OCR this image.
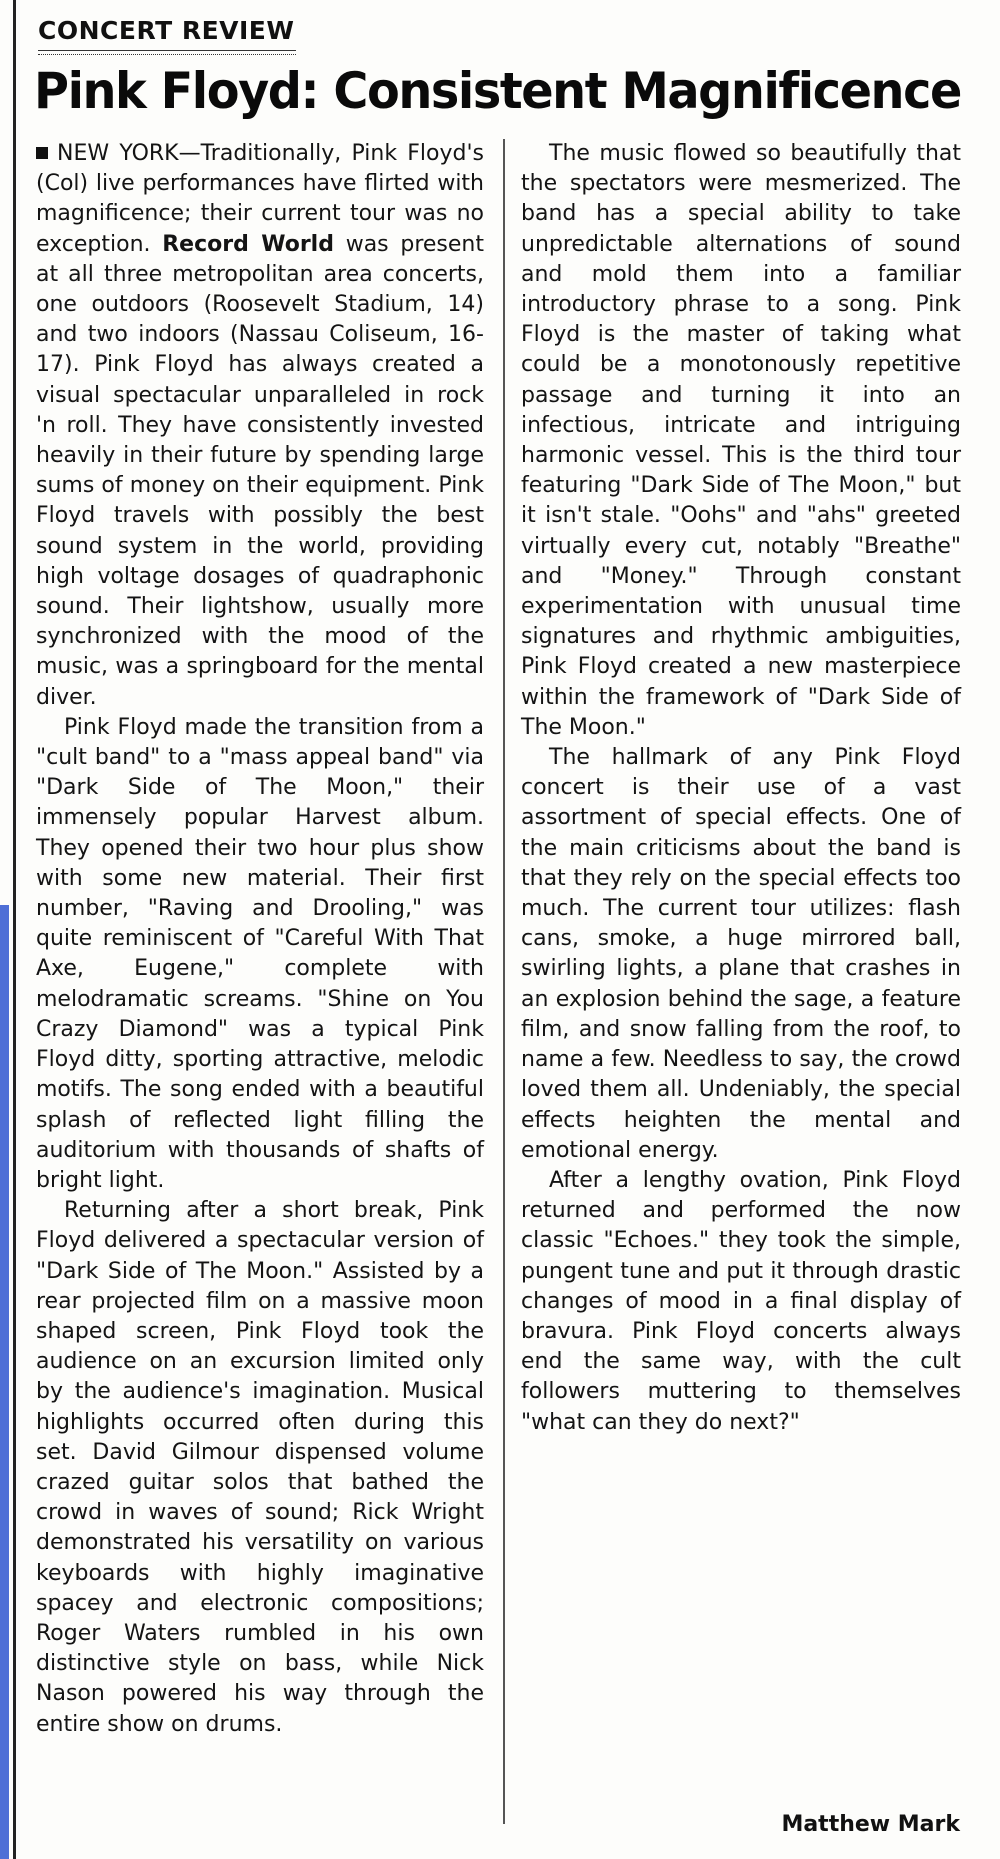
CONCERT REVIEW
Pink Floyd: Consistent Magnificence

NEW YORK—Traditionally, Pink Floyd's (Col) live performances have flirted with magnificence; their current tour was no exception. Record World was present at all three metropolitan area concerts, one outdoors (Roosevelt Stadium, 14) and two indoors (Nassau Coliseum, 16-17). Pink Floyd has always created a visual spectacular unparalleled in rock 'n roll. They have consistently invested heavily in their future by spending large sums of money on their equipment. Pink Floyd travels with possibly the best sound system in the world, providing high voltage dosages of quadraphonic sound. Their lightshow, usually more synchronized with the mood of the music, was a springboard for the mental diver.

Pink Floyd made the transition from a "cult band" to a "mass appeal band" via "Dark Side of The Moon," their immensely popular Harvest album. They opened their two hour plus show with some new material. Their first number, "Raving and Drooling," was quite reminiscent of "Careful With That Axe, Eugene," complete with melodramatic screams. "Shine on You Crazy Diamond" was a typical Pink Floyd ditty, sporting attractive, melodic motifs. The song ended with a beautiful splash of reflected light filling the auditorium with thousands of shafts of bright light.

Returning after a short break, Pink Floyd delivered a spectacular version of "Dark Side of The Moon." Assisted by a rear projected film on a massive moon shaped screen, Pink Floyd took the audience on an excursion limited only by the audience's imagination. Musical highlights occurred often during this set. David Gilmour dispensed volume crazed guitar solos that bathed the crowd in waves of sound; Rick Wright demonstrated his versatility on various keyboards with highly imaginative spacey and electronic compositions; Roger Waters rumbled in his own distinctive style on bass, while Nick Nason powered his way through the entire show on drums.

The music flowed so beautifully that the spectators were mesmerized. The band has a special ability to take unpredictable alternations of sound and mold them into a familiar introductory phrase to a song. Pink Floyd is the master of taking what could be a monotonously repetitive passage and turning it into an infectious, intricate and intriguing harmonic vessel. This is the third tour featuring "Dark Side of The Moon," but it isn't stale. "Oohs" and "ahs" greeted virtually every cut, notably "Breathe" and "Money." Through constant experimentation with unusual time signatures and rhythmic ambiguities, Pink Floyd created a new masterpiece within the framework of "Dark Side of The Moon."

The hallmark of any Pink Floyd concert is their use of a vast assortment of special effects. One of the main criticisms about the band is that they rely on the special effects too much. The current tour utilizes: flash cans, smoke, a huge mirrored ball, swirling lights, a plane that crashes in an explosion behind the sage, a feature film, and snow falling from the roof, to name a few. Needless to say, the crowd loved them all. Undeniably, the special effects heighten the mental and emotional energy.

After a lengthy ovation, Pink Floyd returned and performed the now classic "Echoes." they took the simple, pungent tune and put it through drastic changes of mood in a final display of bravura. Pink Floyd concerts always end the same way, with the cult followers muttering to themselves "what can they do next?"

Matthew Mark
